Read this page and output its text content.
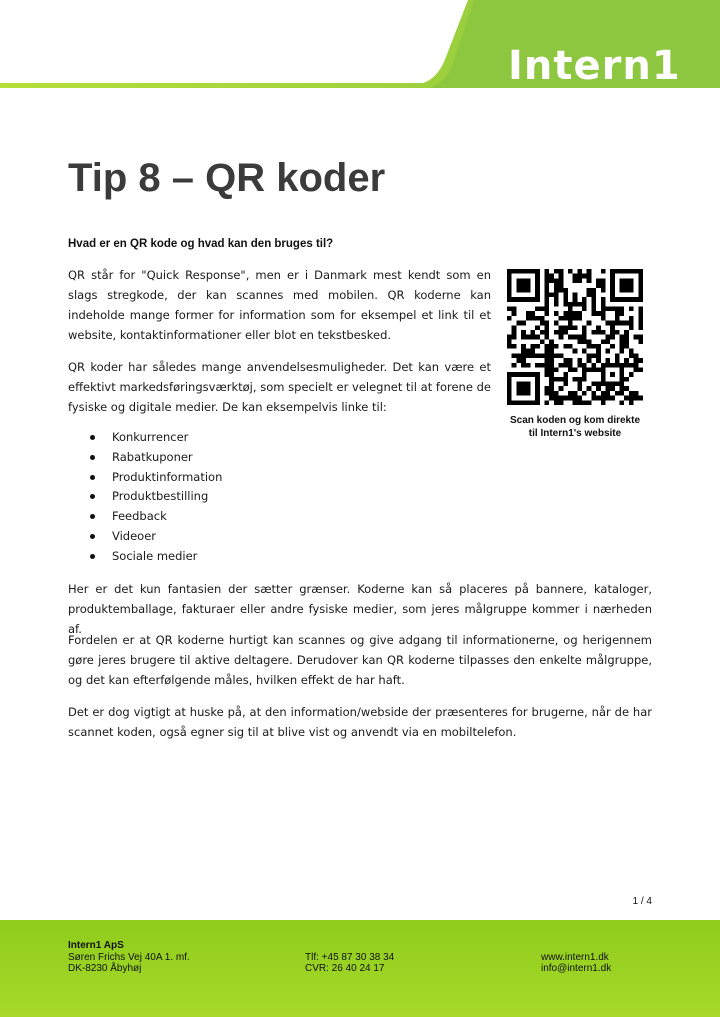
Intern1
Tip 8 – QR koder

Hvad er en QR kode og hvad kan den bruges til?

QR står for "Quick Response", men er i Danmark mest kendt som en slags stregkode, der kan scannes med mobilen. QR koderne kan indeholde mange former for information som for eksempel et link til et website, kontaktinformationer eller blot en tekstbesked.

QR koder har således mange anvendelsesmuligheder. Det kan være et effektivt markedsføringsværktøj, som specielt er velegnet til at forene de fysiske og digitale medier. De kan eksempelvis linke til:

Konkurrencer
Rabatkuponer
Produktinformation
Produktbestilling
Feedback
Videoer
Sociale medier

Her er det kun fantasien der sætter grænser. Koderne kan så placeres på bannere, kataloger, produktemballage, fakturaer eller andre fysiske medier, som jeres målgruppe kommer i nærheden af.

Fordelen er at QR koderne hurtigt kan scannes og give adgang til informationerne, og herigennem gøre jeres brugere til aktive deltagere. Derudover kan QR koderne tilpasses den enkelte målgruppe, og det kan efterfølgende måles, hvilken effekt de har haft.

Det er dog vigtigt at huske på, at den information/webside der præsenteres for brugerne, når de har scannet koden, også egner sig til at blive vist og anvendt via en mobiltelefon.

Scan koden og kom direkte
til Intern1's website
1 / 4
Intern1 ApS
Søren Frichs Vej 40A 1. mf.
DK-8230 Åbyhøj

Tlf: +45 87 30 38 34
CVR: 26 40 24 17

www.intern1.dk
info@intern1.dk
